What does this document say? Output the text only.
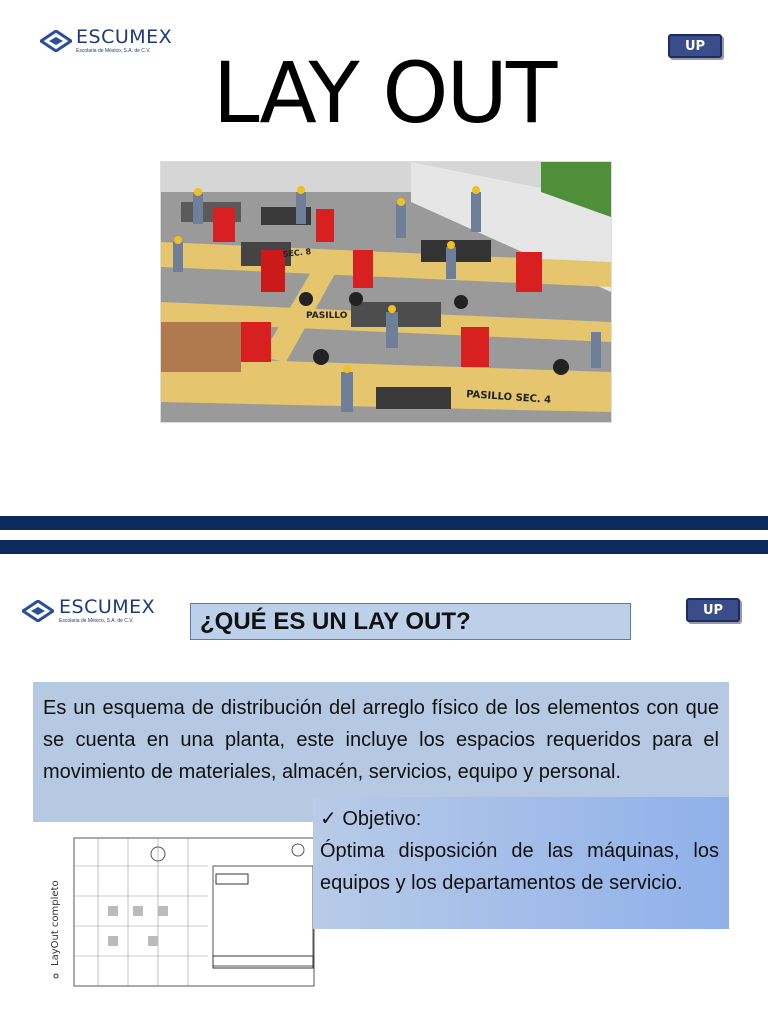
ESCUMEX
Escolaria de México, S.A. de C.V.	UP
LAY OUT
SEC. 8
PASILLO
PASILLO SEC. 4
ESCUMEX
Escolaria de México, S.A. de C.V.
UP
¿QUÉ ES UN LAY OUT?
Es un esquema de distribución del arreglo físico de los elementos con que se cuenta en una planta, este incluye los espacios requeridos para el movimiento de materiales, almacén, servicios, equipo y personal.
LayOut completo
✓ Objetivo:
Óptima disposición de las máquinas, los equipos y los departamentos de servicio.
